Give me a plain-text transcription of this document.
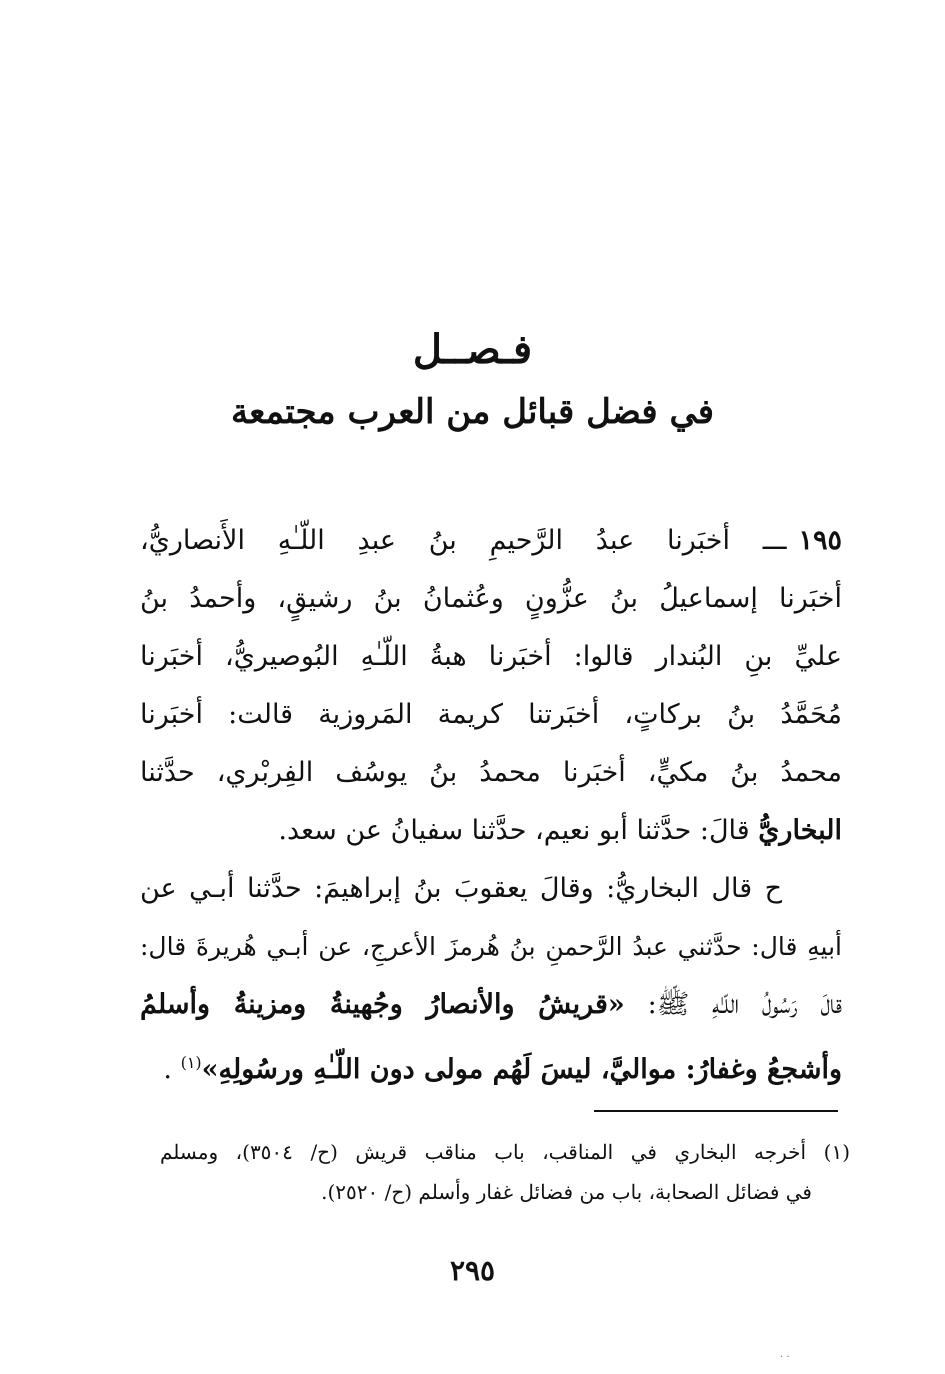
فـصــل
في فضل قبائل من العرب مجتمعة
١٩٥ـــ أخبَرنا عبدُ الرَّحيمِ بنُ عبدِ اللّـٰهِ الأَنصاريُّ،
أخبَرنا إسماعيلُ بنُ عزُّونٍ وعُثمانُ بنُ رشيقٍ، وأحمدُ بنُ
عليِّ بنِ البُندار قالوا: أخبَرنا هبةُ اللّـٰهِ البُوصيريُّ، أخبَرنا
مُحَمَّدُ بنُ بركاتٍ، أخبَرتنا كريمة المَروزية قالت: أخبَرنا
محمدُ بنُ مكيٍّ، أخبَرنا محمدُ بنُ يوسُف الفِربْري، حدَّثنا
البخاريُّ قالَ: حدَّثنا أبو نعيم، حدَّثنا سفيانُ عن سعد.
ح قال البخاريُّ: وقالَ يعقوبَ بنُ إبراهيمَ: حدَّثنا أبـي عن
أبيهِ قال: حدَّثني عبدُ الرَّحمنِ بنُ هُرمزَ الأعرجِ، عن أبـي هُريرةَ قال:
قالَ رَسُولُ اللّـٰهِ ﷺ: «قريشُ والأنصارُ وجُهينةُ ومزينةُ وأسلمُ
وأشجعُ وغفارُ: مواليَّ، ليسَ لَهُم مولى دون اللّـٰهِ ورسُولِهِ»$^{(١)}$ .
(١) أخرجه البخاري في المناقب، باب مناقب قريش (ح/ ٣٥٠٤)، ومسلم
في فضائل الصحابة، باب من فضائل غفار وأسلم (ح/ ٢٥٢٠).
٢٩٥
· ·
